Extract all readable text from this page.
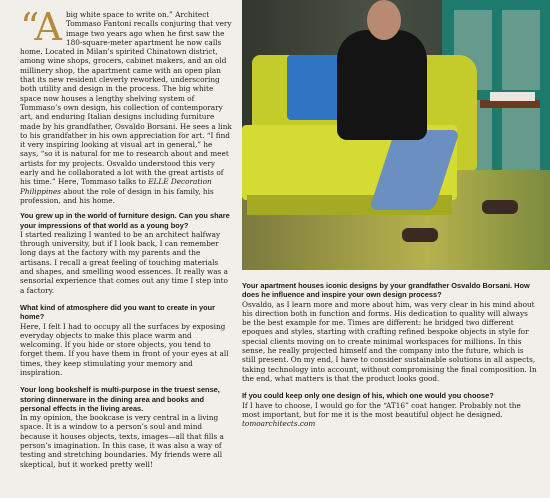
“Abig white space to write on.” Architect Tommaso Fantoni recalls conjuring that very image two years ago when he first saw the 180-square-meter apartment he now calls home. Located in Milan’s spirited Chinatown district, among wine shops, grocers, cabinet makers, and an old millinery shop, the apartment came with an open plan that its new resident cleverly reworked, underscoring both utility and design in the process. The big white space now houses a lengthy shelving system of Tommaso’s own design, his collection of contemporary art, and enduring Italian designs including furniture made by his grandfather, Osvaldo Borsani. He sees a link to his grandfather in his own appreciation for art. “I find it very inspiring looking at visual art in general,” he says, “so it is natural for me to research about and meet artists for my projects. Osvaldo understood this very early and he collaborated a lot with the great artists of his time.” Here, Tommaso talks to ELLE Decoration Philippines about the role of design in his family, his profession, and his home.

You grew up in the world of furniture design. Can you share your impressions of that world as a young boy?

I started realizing I wanted to be an architect halfway through university, but if I look back, I can remember long days at the factory with my parents and the artisans. I recall a great feeling of touching materials and shapes, and smelling wood essences. It really was a sensorial experience that comes out any time I step into a factory.

What kind of atmosphere did you want to create in your home?

Here, I felt I had to occupy all the surfaces by exposing everyday objects to make this place warm and welcoming. If you hide or store objects, you tend to forget them. If you have them in front of your eyes at all times, they keep stimulating your memory and inspiration.

Your long bookshelf is multi-purpose in the truest sense, storing dinnerware in the dining area and books and personal effects in the living areas.

In my opinion, the bookcase is very central in a living space. It is a window to a person’s soul and mind because it houses objects, texts, images—all that fills a person’s imagination. In this case, it was also a way of testing and stretching boundaries. My friends were all skeptical, but it worked pretty well!

Your apartment houses iconic designs by your grandfather Osvaldo Borsani. How does he influence and inspire your own design process?

Osvaldo, as I learn more and more about him, was very clear in his mind about his direction both in function and forms. His dedication to quality will always be the best example for me. Times are different: he bridged two different epoques and styles, starting with crafting refined bespoke objects in style for special clients moving on to create minimal workspaces for millions. In this sense, he really projected himself and the company into the future, which is still present. On my end, I have to consider sustainable solutions in all aspects, taking technology into account, without compromising the final composition. In the end, what matters is that the product looks good.

If you could keep only one design of his, which one would you choose?

If I have to choose, I would go for the “AT16” coat hanger. Probably not the most important, but for me it is the most beautiful object he designed. tomoarchitects.com
